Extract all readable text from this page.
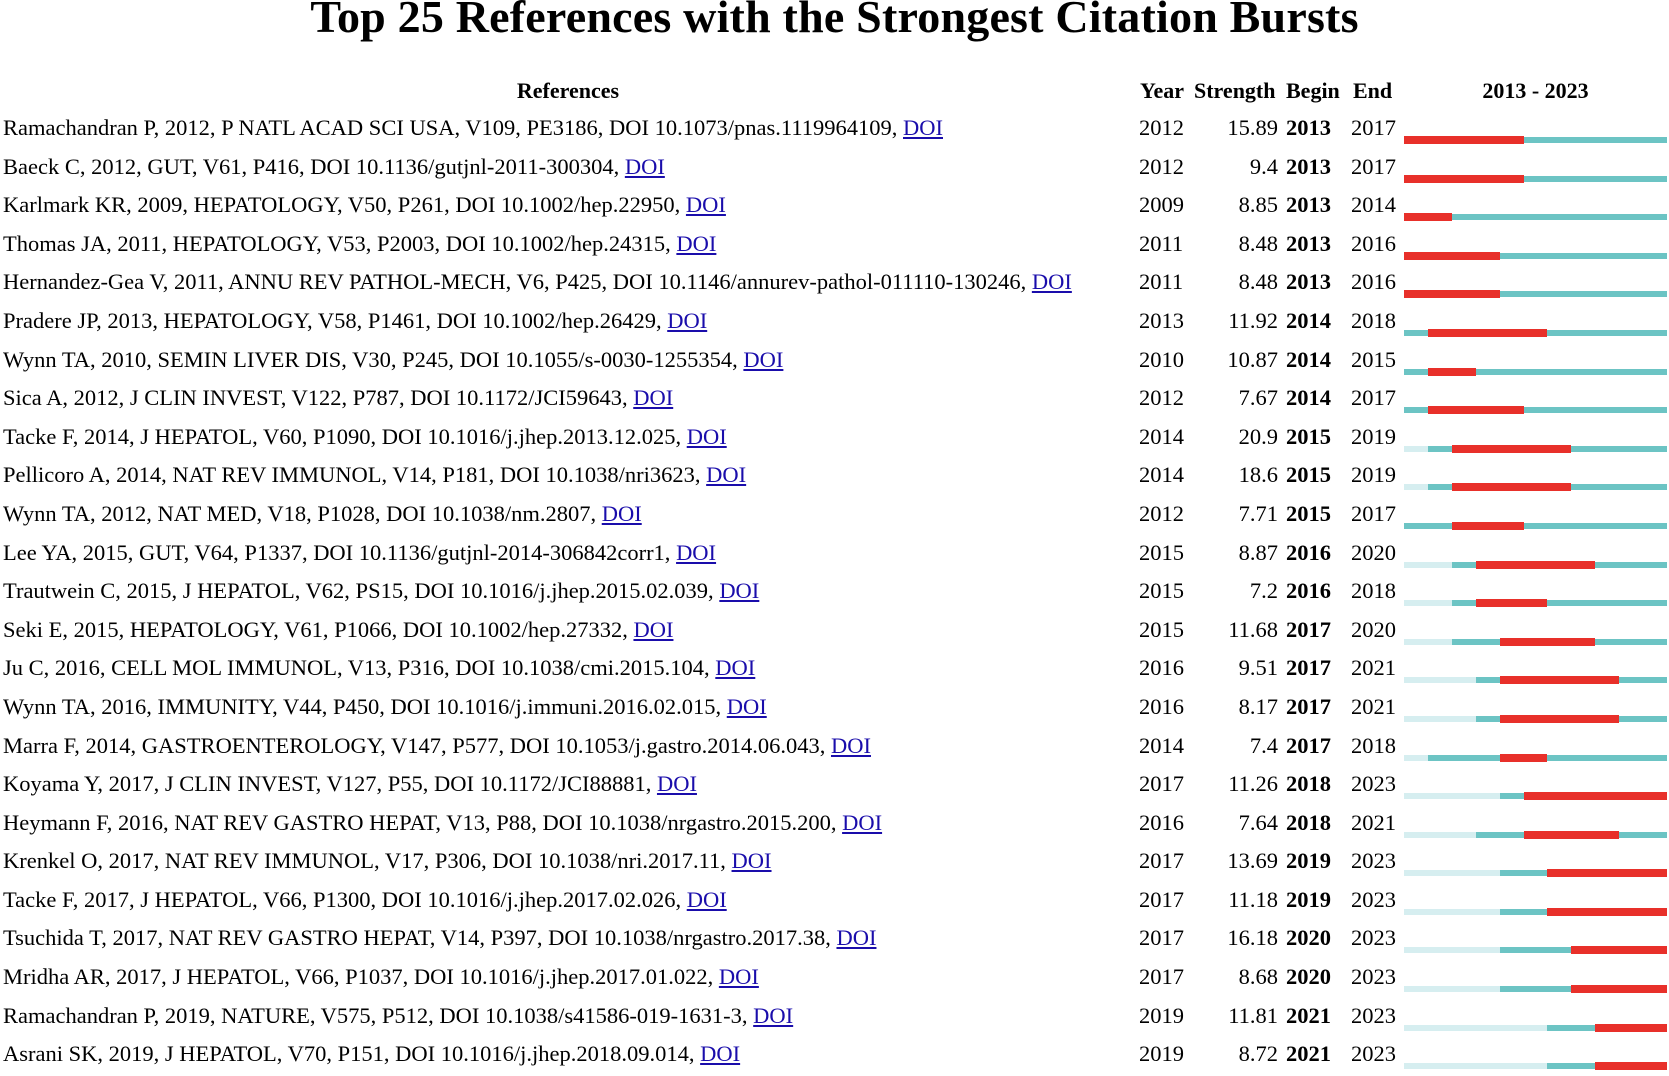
Top 25 References with the Strongest Citation Bursts
References	Year Strength Begin End	2013 - 2023
Ramachandran P, 2012, P NATL ACAD SCI USA, V109, PE3186, DOI 10.1073/pnas.1119964109, DOI	2012	15.89 2013 2017
Baeck C, 2012, GUT, V61, P416, DOI 10.1136/gutjnl-2011-300304, DOI	2012	9.4 2013 2017
Karlmark KR, 2009, HEPATOLOGY, V50, P261, DOI 10.1002/hep.22950, DOI	2009	8.85 2013 2014
Thomas JA, 2011, HEPATOLOGY, V53, P2003, DOI 10.1002/hep.24315, DOI	2011	8.48 2013 2016
Hernandez-Gea V, 2011, ANNU REV PATHOL-MECH, V6, P425, DOI 10.1146/annurev-pathol-011110-130246, DOI	2011	8.48 2013 2016
Pradere JP, 2013, HEPATOLOGY, V58, P1461, DOI 10.1002/hep.26429, DOI	2013	11.92 2014 2018
Wynn TA, 2010, SEMIN LIVER DIS, V30, P245, DOI 10.1055/s-0030-1255354, DOI	2010	10.87 2014 2015
Sica A, 2012, J CLIN INVEST, V122, P787, DOI 10.1172/JCI59643, DOI	2012	7.67 2014 2017
Tacke F, 2014, J HEPATOL, V60, P1090, DOI 10.1016/j.jhep.2013.12.025, DOI	2014	20.9 2015 2019
Pellicoro A, 2014, NAT REV IMMUNOL, V14, P181, DOI 10.1038/nri3623, DOI	2014	18.6 2015 2019
Wynn TA, 2012, NAT MED, V18, P1028, DOI 10.1038/nm.2807, DOI	2012	7.71 2015 2017
Lee YA, 2015, GUT, V64, P1337, DOI 10.1136/gutjnl-2014-306842corr1, DOI	2015	8.87 2016 2020
Trautwein C, 2015, J HEPATOL, V62, PS15, DOI 10.1016/j.jhep.2015.02.039, DOI	2015	7.2 2016 2018
Seki E, 2015, HEPATOLOGY, V61, P1066, DOI 10.1002/hep.27332, DOI	2015	11.68 2017 2020
Ju C, 2016, CELL MOL IMMUNOL, V13, P316, DOI 10.1038/cmi.2015.104, DOI	2016	9.51 2017 2021
Wynn TA, 2016, IMMUNITY, V44, P450, DOI 10.1016/j.immuni.2016.02.015, DOI	2016	8.17 2017 2021
Marra F, 2014, GASTROENTEROLOGY, V147, P577, DOI 10.1053/j.gastro.2014.06.043, DOI	2014	7.4 2017 2018
Koyama Y, 2017, J CLIN INVEST, V127, P55, DOI 10.1172/JCI88881, DOI	2017	11.26 2018 2023
Heymann F, 2016, NAT REV GASTRO HEPAT, V13, P88, DOI 10.1038/nrgastro.2015.200, DOI	2016	7.64 2018 2021
Krenkel O, 2017, NAT REV IMMUNOL, V17, P306, DOI 10.1038/nri.2017.11, DOI	2017	13.69 2019 2023
Tacke F, 2017, J HEPATOL, V66, P1300, DOI 10.1016/j.jhep.2017.02.026, DOI	2017	11.18 2019 2023
Tsuchida T, 2017, NAT REV GASTRO HEPAT, V14, P397, DOI 10.1038/nrgastro.2017.38, DOI	2017	16.18 2020 2023
Mridha AR, 2017, J HEPATOL, V66, P1037, DOI 10.1016/j.jhep.2017.01.022, DOI	2017	8.68 2020 2023
Ramachandran P, 2019, NATURE, V575, P512, DOI 10.1038/s41586-019-1631-3, DOI	2019	11.81 2021 2023
Asrani SK, 2019, J HEPATOL, V70, P151, DOI 10.1016/j.jhep.2018.09.014, DOI	2019	8.72 2021 2023
